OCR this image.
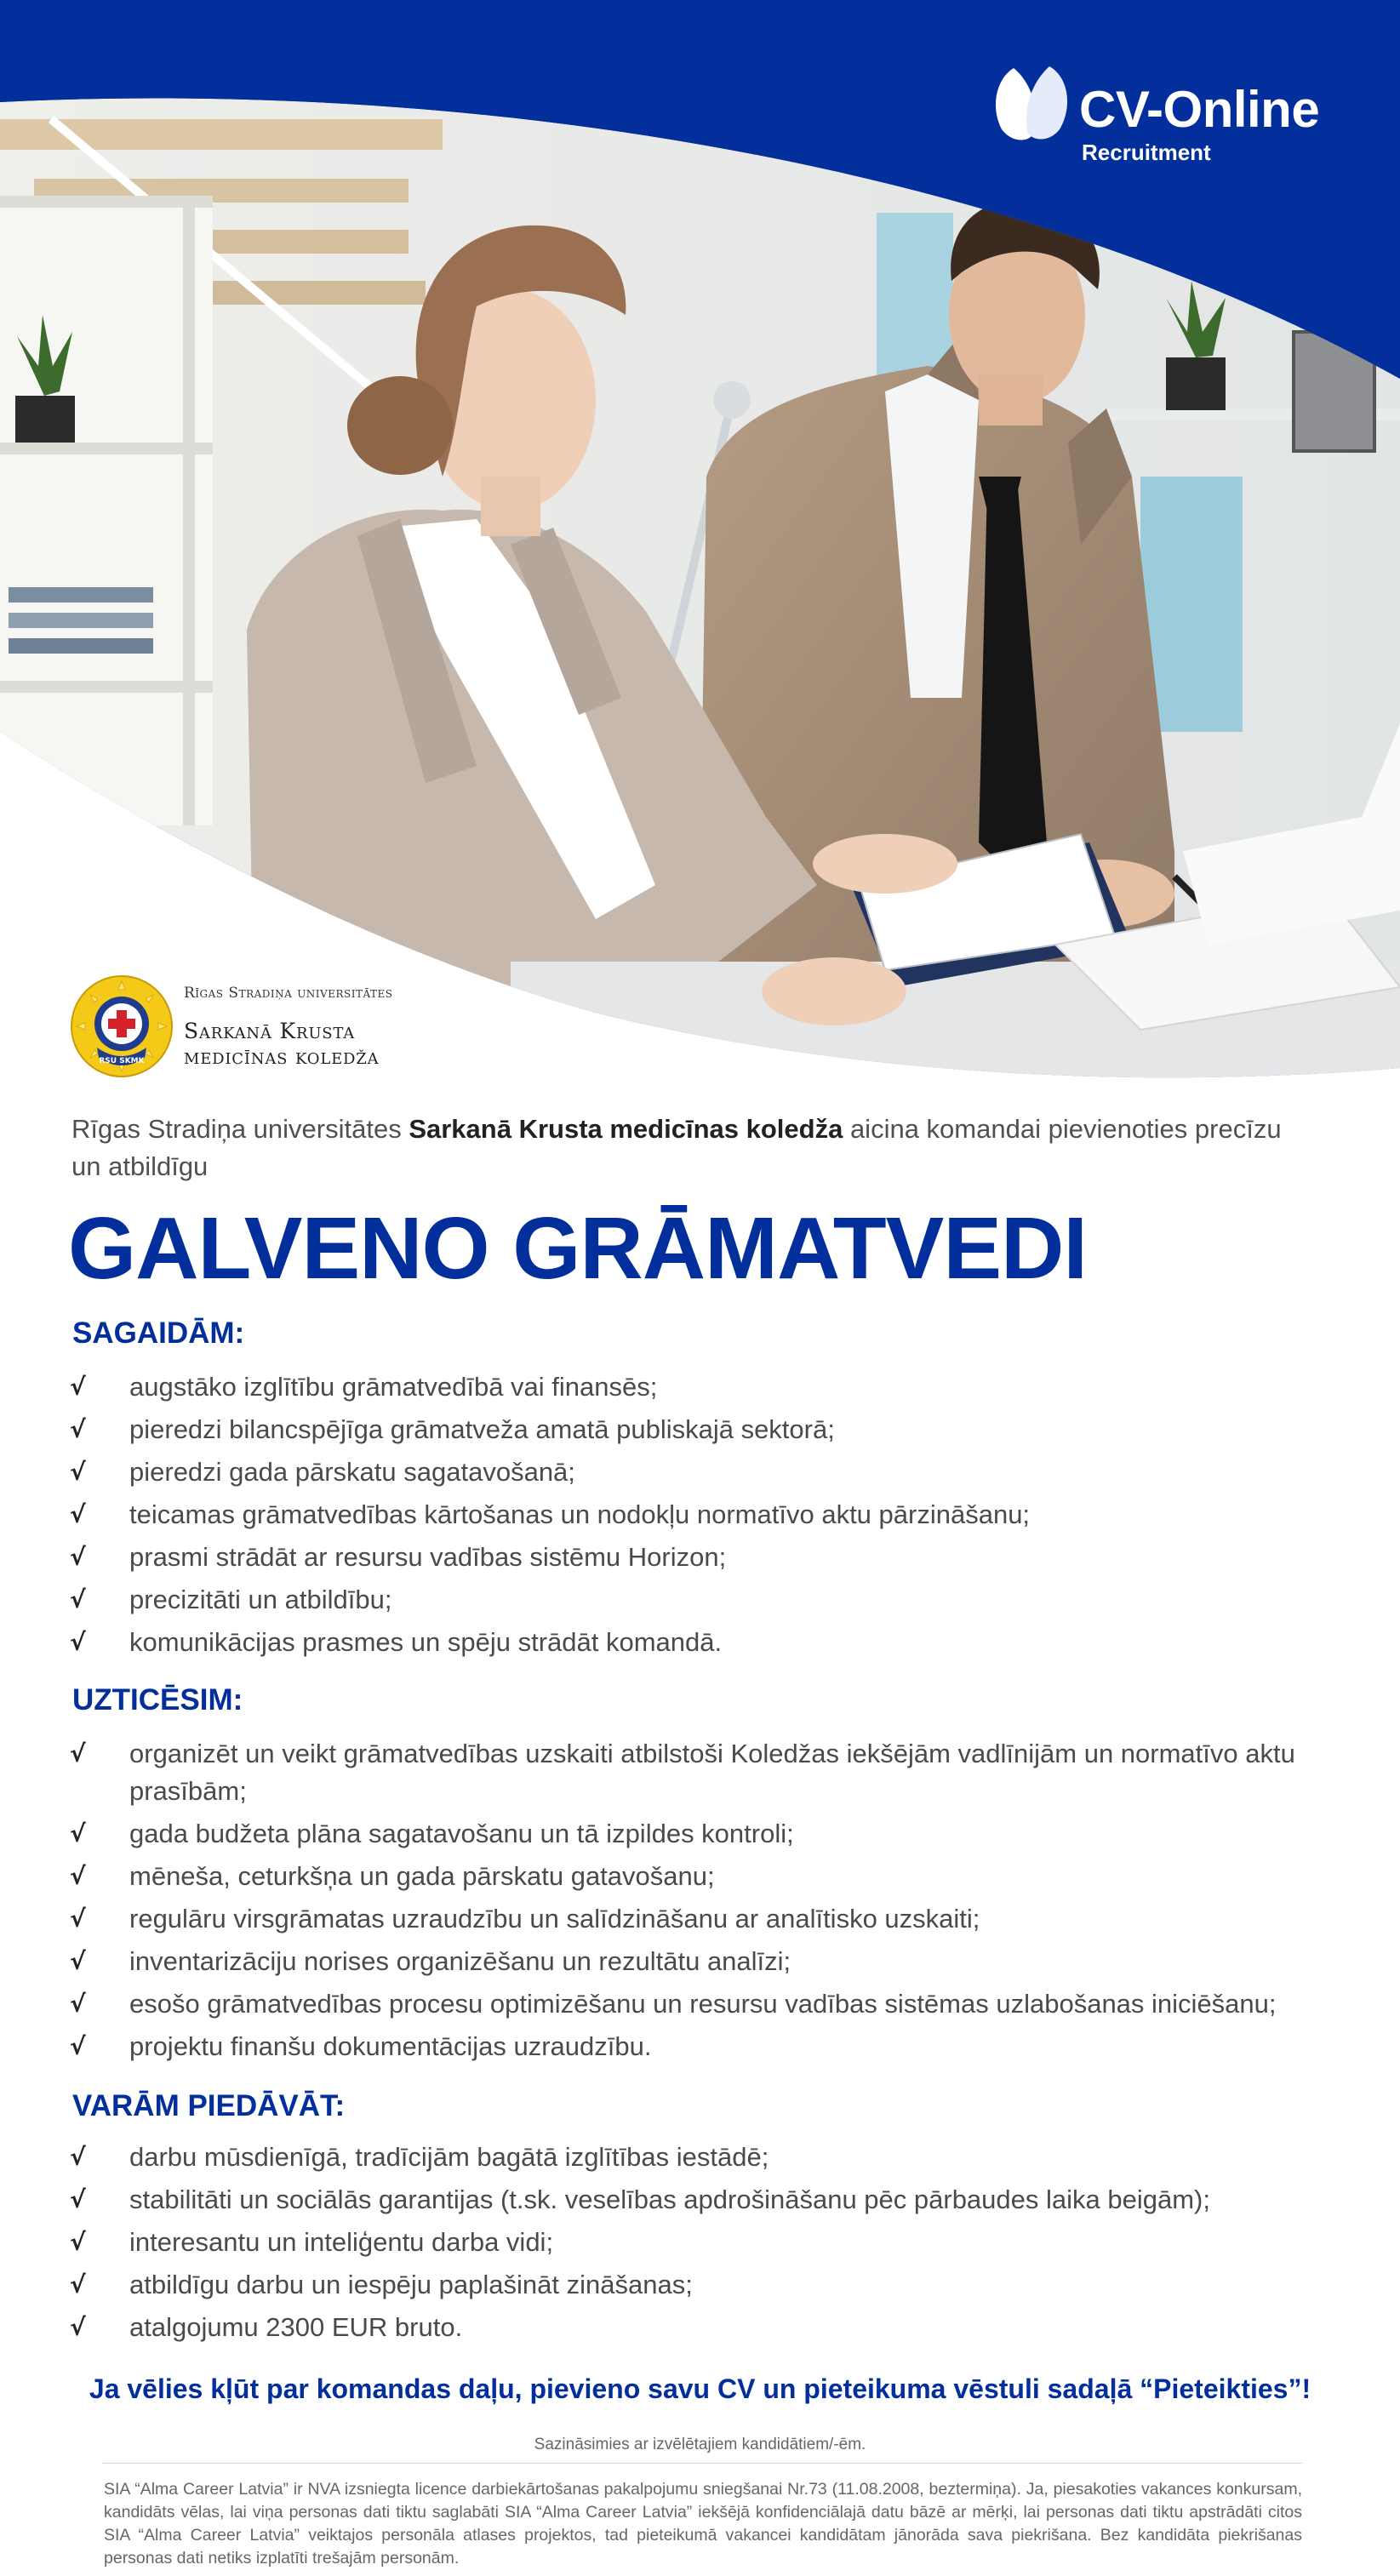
CV-Online
Recruitment
RSU SKMK
Rīgas Stradiņa universitātes
Sarkanā Krusta
medicīnas koledža

Rīgas Stradiņa universitātes Sarkanā Krusta medicīnas koledža aicina komandai pievienoties precīzu un atbildīgu

GALVENO GRĀMATVEDI
SAGAIDĀM:
√ augstāko izglītību grāmatvedībā vai finansēs;
√ pieredzi bilancspējīga grāmatveža amatā publiskajā sektorā;
√ pieredzi gada pārskatu sagatavošanā;
√ teicamas grāmatvedības kārtošanas un nodokļu normatīvo aktu pārzināšanu;
√ prasmi strādāt ar resursu vadības sistēmu Horizon;
√ precizitāti un atbildību;
√ komunikācijas prasmes un spēju strādāt komandā.
UZTICĒSIM:
√ organizēt un veikt grāmatvedības uzskaiti atbilstoši Koledžas iekšējām vadlīnijām un normatīvo aktu prasībām;
√ gada budžeta plāna sagatavošanu un tā izpildes kontroli;
√ mēneša, ceturkšņa un gada pārskatu gatavošanu;
√ regulāru virsgrāmatas uzraudzību un salīdzināšanu ar analītisko uzskaiti;
√ inventarizāciju norises organizēšanu un rezultātu analīzi;
√ esošo grāmatvedības procesu optimizēšanu un resursu vadības sistēmas uzlabošanas iniciēšanu;
√ projektu finanšu dokumentācijas uzraudzību.
VARĀM PIEDĀVĀT:
√ darbu mūsdienīgā, tradīcijām bagātā izglītības iestādē;
√ stabilitāti un sociālās garantijas (t.sk. veselības apdrošināšanu pēc pārbaudes laika beigām);
√ interesantu un inteliģentu darba vidi;
√ atbildīgu darbu un iespēju paplašināt zināšanas;
√ atalgojumu 2300 EUR bruto.

Ja vēlies kļūt par komandas daļu, pievieno savu CV un pieteikuma vēstuli sadaļā “Pieteikties”!

Sazināsimies ar izvēlētajiem kandidātiem/-ēm.

SIA “Alma Career Latvia” ir NVA izsniegta licence darbiekārtošanas pakalpojumu sniegšanai Nr.73 (11.08.2008, beztermiņa). Ja, piesakoties vakances konkursam, kandidāts vēlas, lai viņa personas dati tiktu saglabāti SIA “Alma Career Latvia” iekšējā konfidenciālajā datu bāzē ar mērķi, lai personas dati tiktu apstrādāti citos SIA “Alma Career Latvia” veiktajos personāla atlases projektos, tad pieteikumā vakancei kandidātam jānorāda sava piekrišana. Bez kandidāta piekrišanas personas dati netiks izplatīti trešajām personām.
